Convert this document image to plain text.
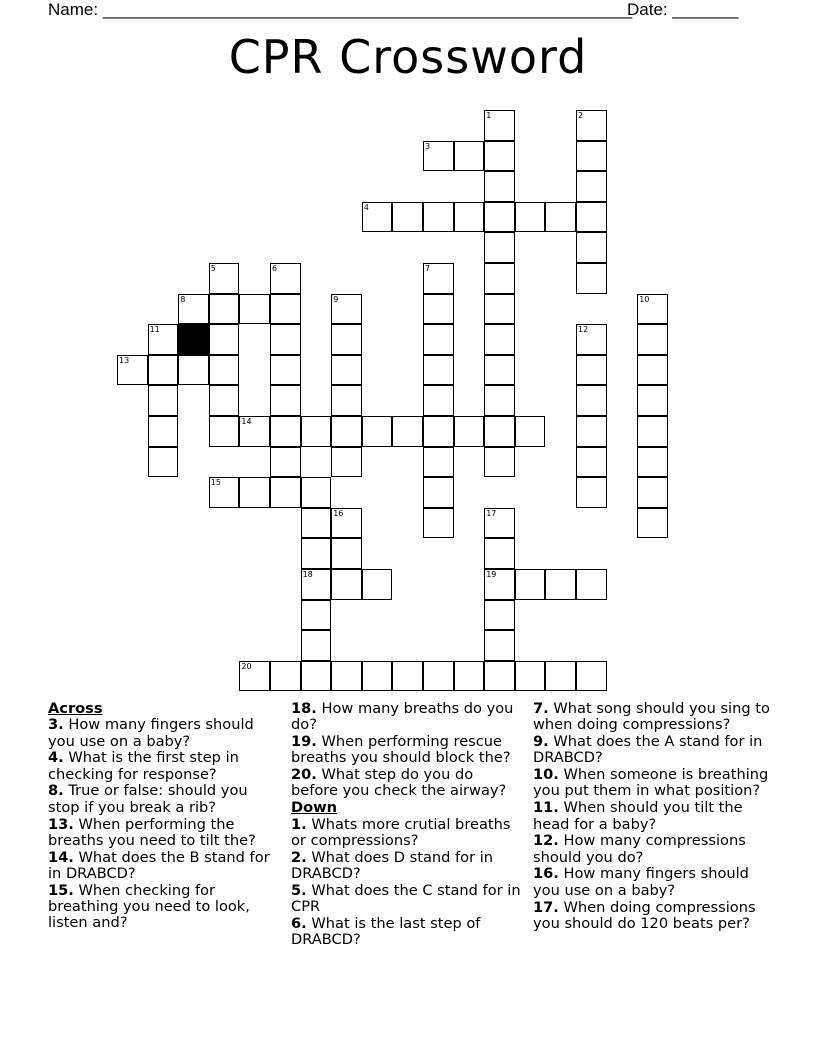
Name: ________________________________________________________
Date: _______
CPR Crossword
1	2
3
4
5	6	7
8	9	10
11	12
13
14
15
16	17
18	19
20
Across
3. How many fingers should you use on a baby?
4. What is the first step in checking for response?
8. True or false: should you stop if you break a rib?
13. When performing the breaths you need to tilt the?
14. What does the B stand for in DRABCD?
15. When checking for breathing you need to look, listen and?
18. How many breaths do you do?
19. When performing rescue breaths you should block the?
20. What step do you do before you check the airway?
Down
1. Whats more crutial breaths or compressions?
2. What does D stand for in DRABCD?
5. What does the C stand for in CPR
6. What is the last step of DRABCD?
7. What song should you sing to when doing compressions?
9. What does the A stand for in DRABCD?
10. When someone is breathing you put them in what position?
11. When should you tilt the head for a baby?
12. How many compressions should you do?
16. How many fingers should you use on a baby?
17. When doing compressions you should do 120 beats per?
